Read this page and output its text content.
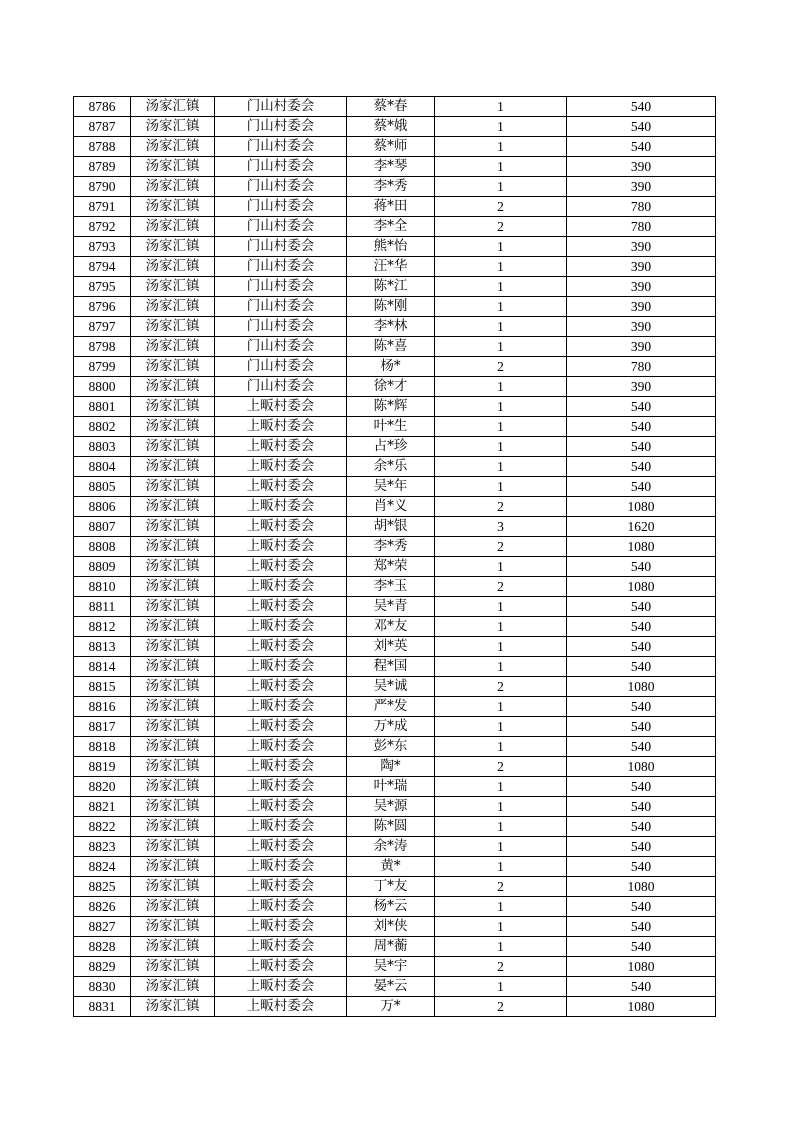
8786	汤家汇镇	门山村委会	蔡*春	1	540
8787	汤家汇镇	门山村委会	蔡*娥	1	540
8788	汤家汇镇	门山村委会	蔡*师	1	540
8789	汤家汇镇	门山村委会	李*琴	1	390
8790	汤家汇镇	门山村委会	李*秀	1	390
8791	汤家汇镇	门山村委会	蒋*田	2	780
8792	汤家汇镇	门山村委会	李*全	2	780
8793	汤家汇镇	门山村委会	熊*怡	1	390
8794	汤家汇镇	门山村委会	汪*华	1	390
8795	汤家汇镇	门山村委会	陈*江	1	390
8796	汤家汇镇	门山村委会	陈*刚	1	390
8797	汤家汇镇	门山村委会	李*林	1	390
8798	汤家汇镇	门山村委会	陈*喜	1	390
8799	汤家汇镇	门山村委会	杨*	2	780
8800	汤家汇镇	门山村委会	徐*才	1	390
8801	汤家汇镇	上畈村委会	陈*辉	1	540
8802	汤家汇镇	上畈村委会	叶*生	1	540
8803	汤家汇镇	上畈村委会	占*珍	1	540
8804	汤家汇镇	上畈村委会	余*乐	1	540
8805	汤家汇镇	上畈村委会	吴*年	1	540
8806	汤家汇镇	上畈村委会	肖*义	2	1080
8807	汤家汇镇	上畈村委会	胡*银	3	1620
8808	汤家汇镇	上畈村委会	李*秀	2	1080
8809	汤家汇镇	上畈村委会	郑*荣	1	540
8810	汤家汇镇	上畈村委会	李*玉	2	1080
8811	汤家汇镇	上畈村委会	吴*青	1	540
8812	汤家汇镇	上畈村委会	邓*友	1	540
8813	汤家汇镇	上畈村委会	刘*英	1	540
8814	汤家汇镇	上畈村委会	程*国	1	540
8815	汤家汇镇	上畈村委会	吴*诚	2	1080
8816	汤家汇镇	上畈村委会	严*发	1	540
8817	汤家汇镇	上畈村委会	万*成	1	540
8818	汤家汇镇	上畈村委会	彭*东	1	540
8819	汤家汇镇	上畈村委会	陶*	2	1080
8820	汤家汇镇	上畈村委会	叶*瑞	1	540
8821	汤家汇镇	上畈村委会	吴*源	1	540
8822	汤家汇镇	上畈村委会	陈*圆	1	540
8823	汤家汇镇	上畈村委会	余*涛	1	540
8824	汤家汇镇	上畈村委会	黄*	1	540
8825	汤家汇镇	上畈村委会	丁*友	2	1080
8826	汤家汇镇	上畈村委会	杨*云	1	540
8827	汤家汇镇	上畈村委会	刘*侠	1	540
8828	汤家汇镇	上畈村委会	周*蘅	1	540
8829	汤家汇镇	上畈村委会	吴*宇	2	1080
8830	汤家汇镇	上畈村委会	晏*云	1	540
8831	汤家汇镇	上畈村委会	万*	2	1080
